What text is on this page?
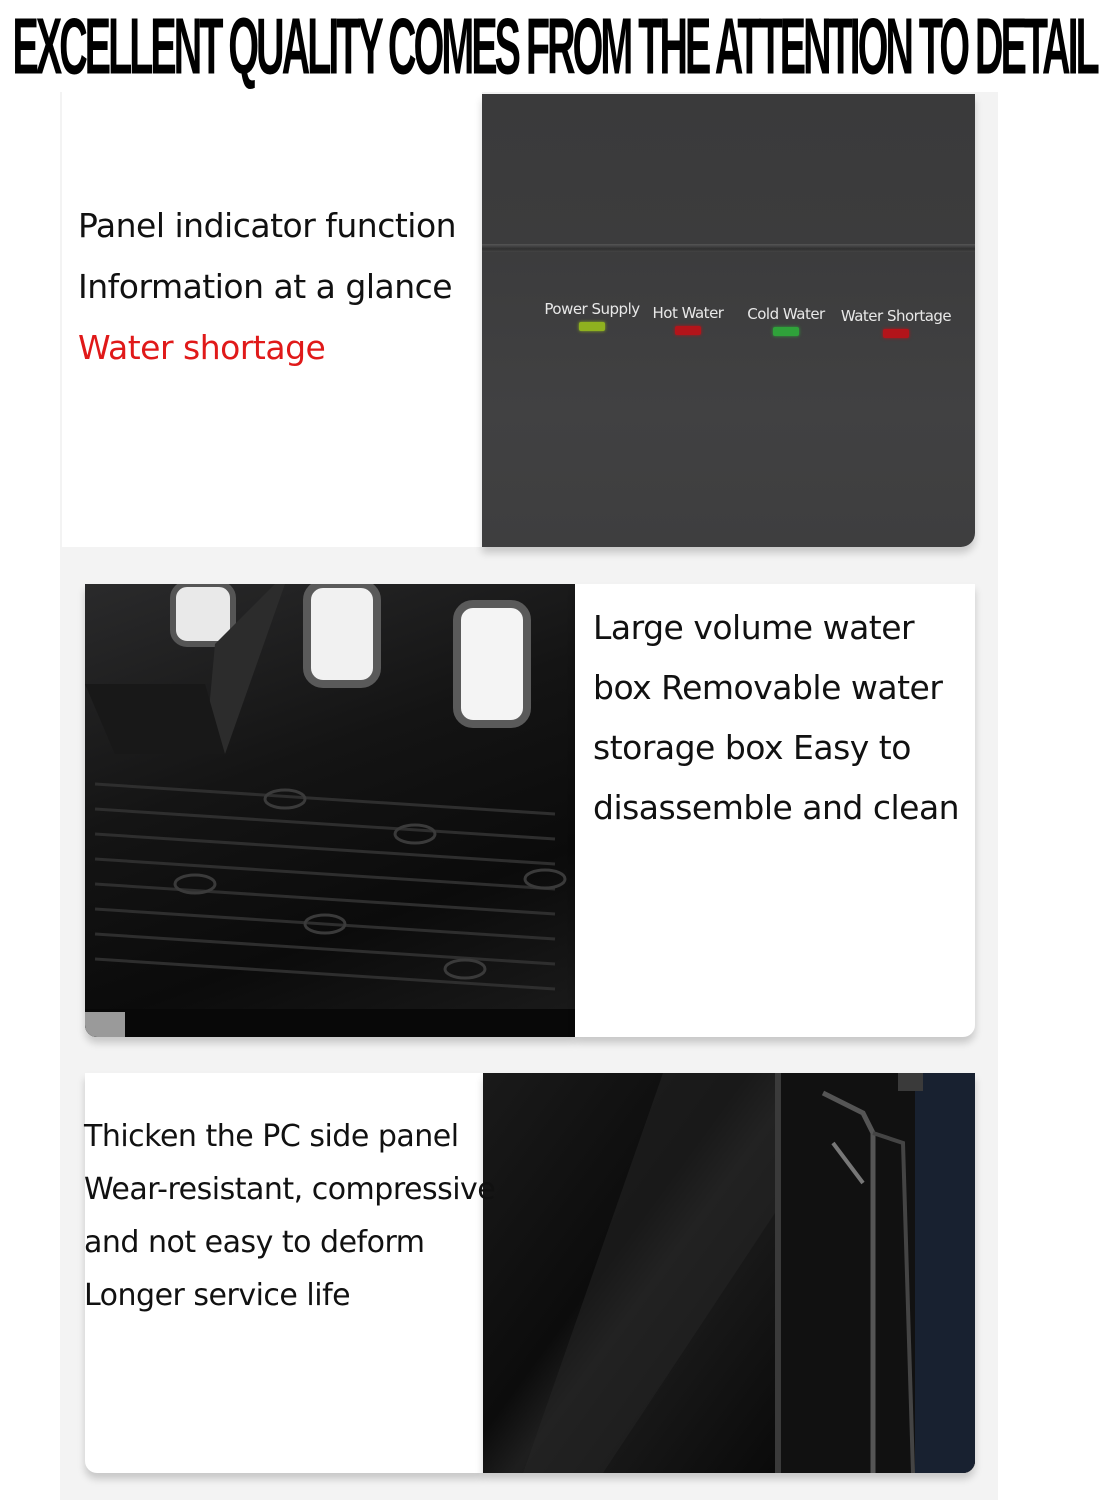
EXCELLENT QUALITY COMES FROM THE ATTENTION TO DETAIL
Panel indicator function
Information at a glance
Water shortage
Power Supply Hot Water	Cold Water	Water Shortage
Large volume water
box Removable water
storage box Easy to
disassemble and clean
Thicken the PC side panel
Wear-resistant, compressive
and not easy to deform
Longer service life
